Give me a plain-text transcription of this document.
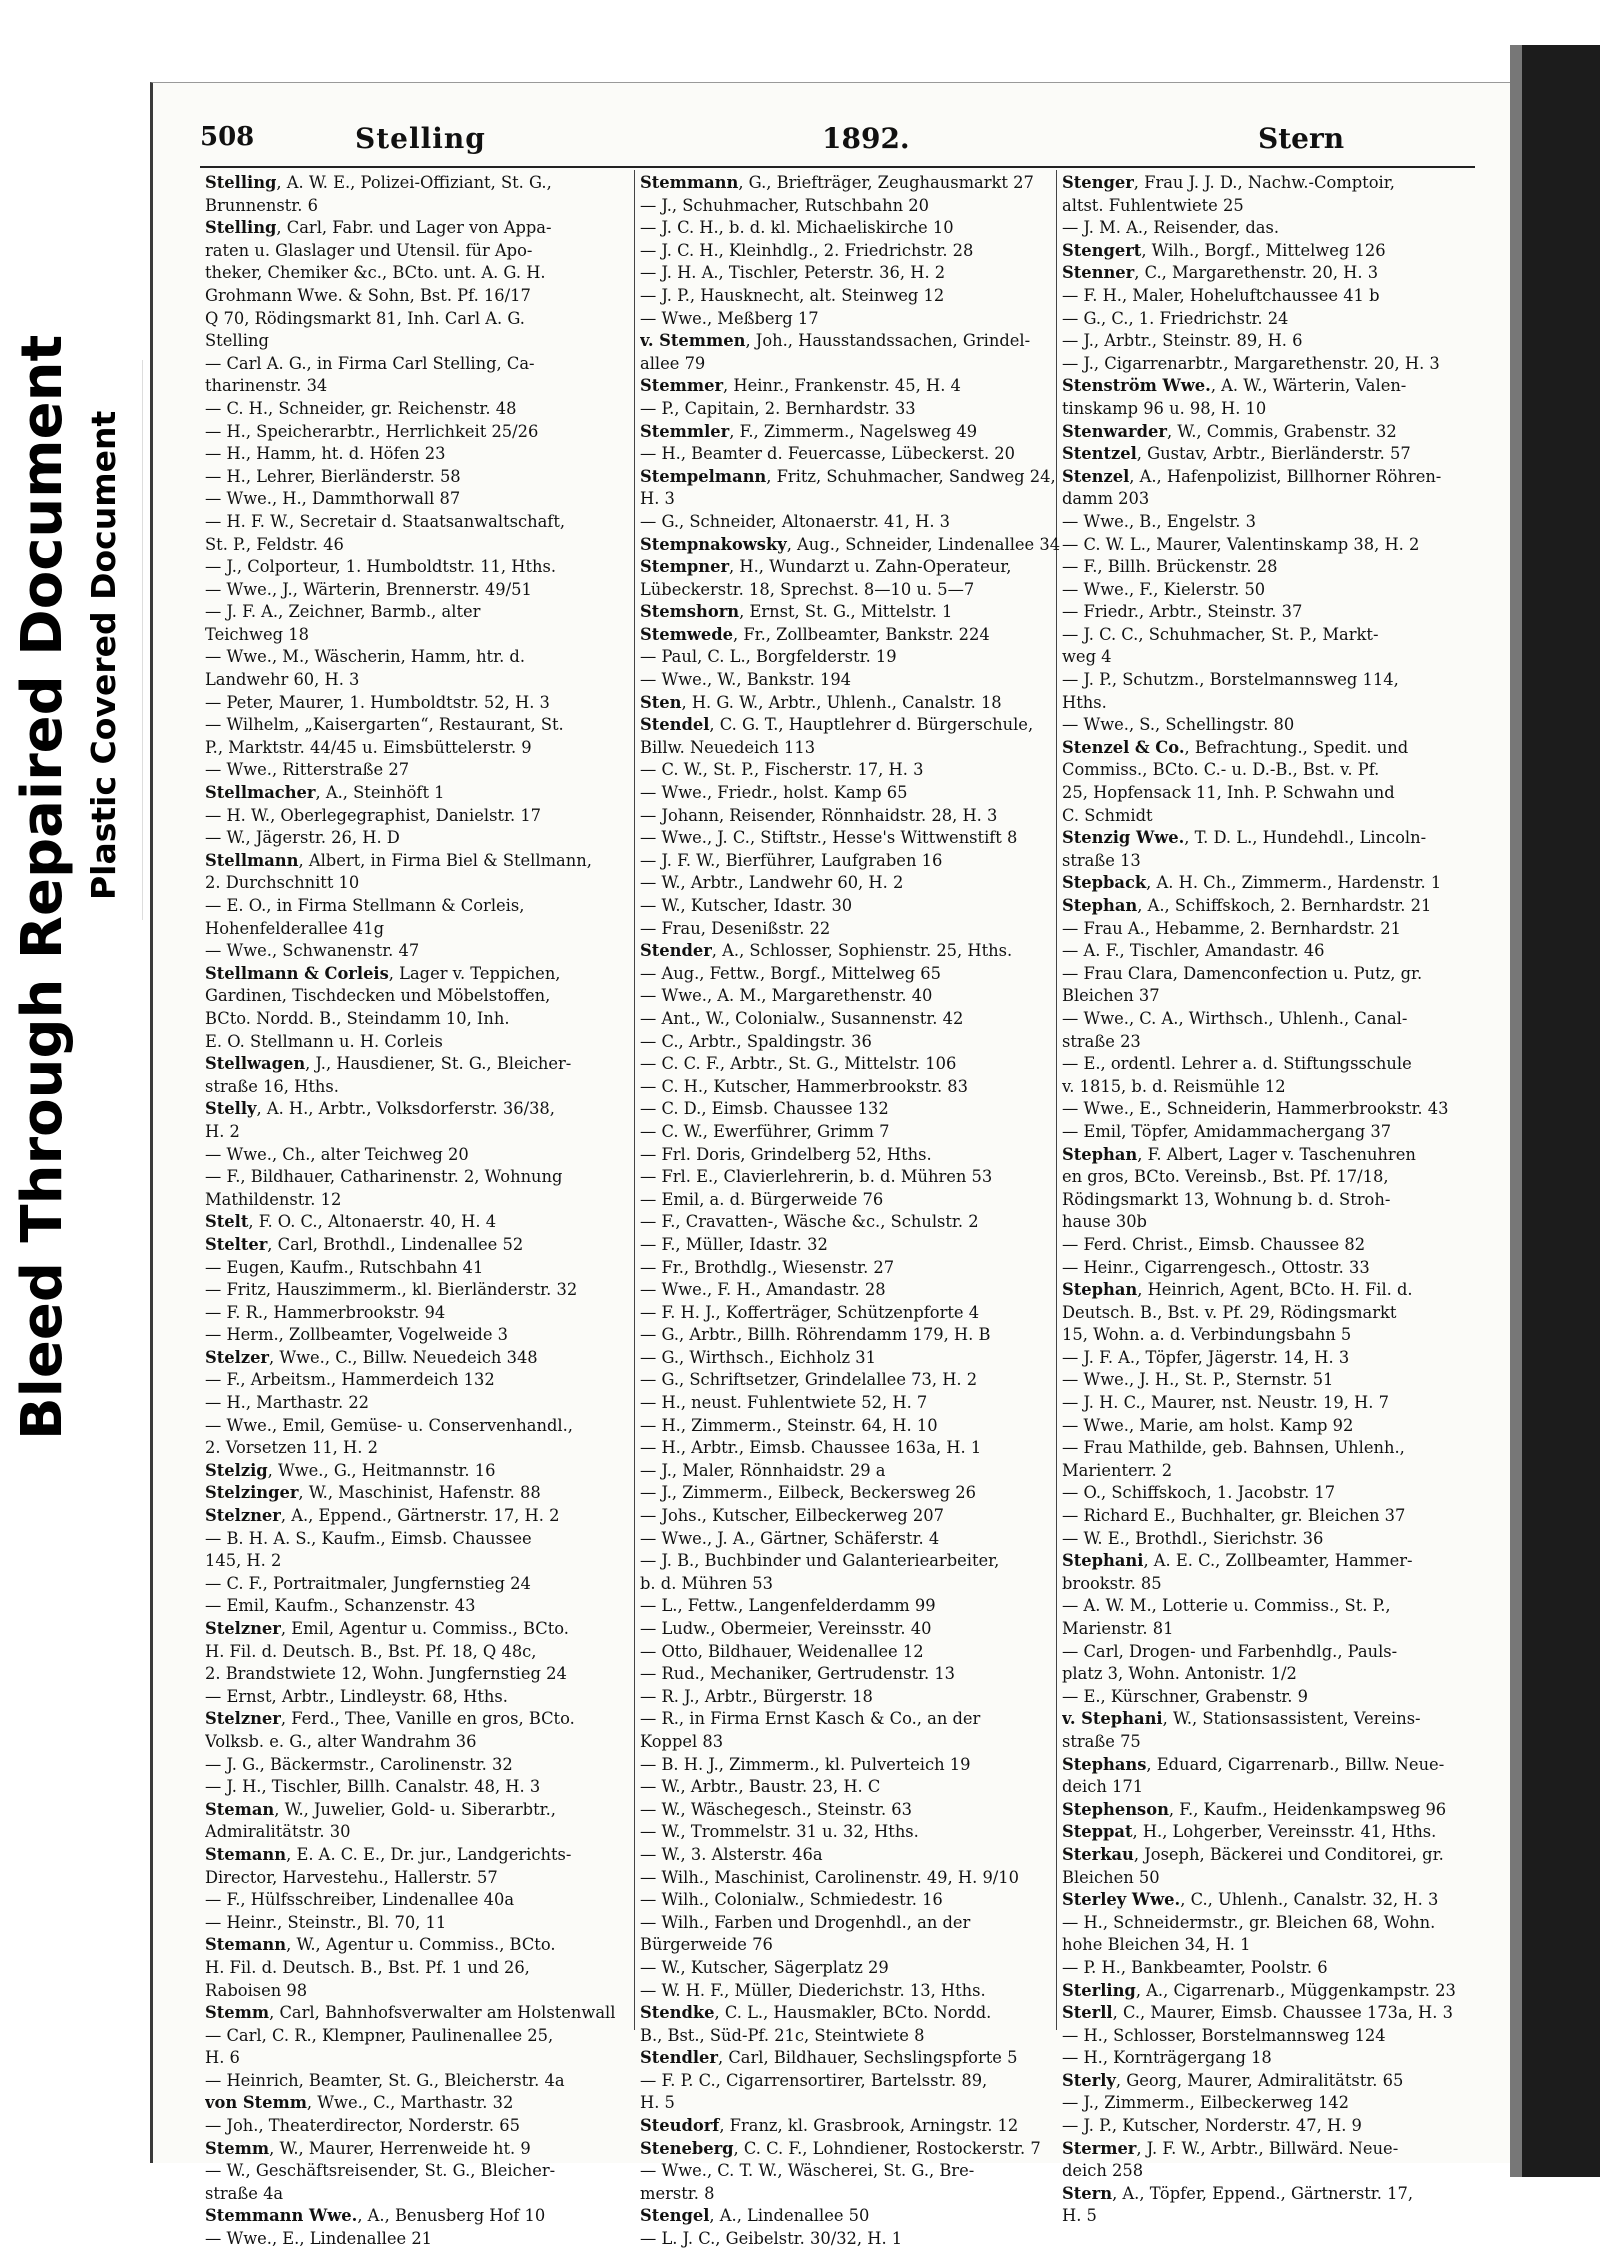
Bleed Through Repaired Document Plastic Covered Document
508	Stelling	1892.	Stern

Stelling, A. W. E., Polizei-Offiziant, St. G.,

Brunnenstr. 6

Stelling, Carl, Fabr. und Lager von Appa-

raten u. Glaslager und Utensil. für Apo-

theker, Chemiker &c., BCto. unt. A. G. H.

Grohmann Wwe. & Sohn, Bst. Pf. 16/17

Q 70, Rödingsmarkt 81, Inh. Carl A. G.

Stelling

— Carl A. G., in Firma Carl Stelling, Ca-

tharinenstr. 34

— C. H., Schneider, gr. Reichenstr. 48

— H., Speicherarbtr., Herrlichkeit 25/26

— H., Hamm, ht. d. Höfen 23

— H., Lehrer, Bierländerstr. 58

— Wwe., H., Dammthorwall 87

— H. F. W., Secretair d. Staatsanwaltschaft,

St. P., Feldstr. 46

— J., Colporteur, 1. Humboldtstr. 11, Hths.

— Wwe., J., Wärterin, Brennerstr. 49/51

— J. F. A., Zeichner, Barmb., alter

Teichweg 18

— Wwe., M., Wäscherin, Hamm, htr. d.

Landwehr 60, H. 3

— Peter, Maurer, 1. Humboldtstr. 52, H. 3

— Wilhelm, „Kaisergarten“, Restaurant, St.

P., Marktstr. 44/45 u. Eimsbüttelerstr. 9

— Wwe., Ritterstraße 27

Stellmacher, A., Steinhöft 1

— H. W., Oberlegegraphist, Danielstr. 17

— W., Jägerstr. 26, H. D

Stellmann, Albert, in Firma Biel & Stellmann,

2. Durchschnitt 10

— E. O., in Firma Stellmann & Corleis,

Hohenfelderallee 41g

— Wwe., Schwanenstr. 47

Stellmann & Corleis, Lager v. Teppichen,

Gardinen, Tischdecken und Möbelstoffen,

BCto. Nordd. B., Steindamm 10, Inh.

E. O. Stellmann u. H. Corleis

Stellwagen, J., Hausdiener, St. G., Bleicher-

straße 16, Hths.

Stelly, A. H., Arbtr., Volksdorferstr. 36/38,

H. 2

— Wwe., Ch., alter Teichweg 20

— F., Bildhauer, Catharinenstr. 2, Wohnung

Mathildenstr. 12

Stelt, F. O. C., Altonaerstr. 40, H. 4

Stelter, Carl, Brothdl., Lindenallee 52

— Eugen, Kaufm., Rutschbahn 41

— Fritz, Hauszimmerm., kl. Bierländerstr. 32

— F. R., Hammerbrookstr. 94

— Herm., Zollbeamter, Vogelweide 3

Stelzer, Wwe., C., Billw. Neuedeich 348

— F., Arbeitsm., Hammerdeich 132

— H., Marthastr. 22

— Wwe., Emil, Gemüse- u. Conservenhandl.,

2. Vorsetzen 11, H. 2

Stelzig, Wwe., G., Heitmannstr. 16

Stelzinger, W., Maschinist, Hafenstr. 88

Stelzner, A., Eppend., Gärtnerstr. 17, H. 2

— B. H. A. S., Kaufm., Eimsb. Chaussee

145, H. 2

— C. F., Portraitmaler, Jungfernstieg 24

— Emil, Kaufm., Schanzenstr. 43

Stelzner, Emil, Agentur u. Commiss., BCto.

H. Fil. d. Deutsch. B., Bst. Pf. 18, Q 48c,

2. Brandstwiete 12, Wohn. Jungfernstieg 24

— Ernst, Arbtr., Lindleystr. 68, Hths.

Stelzner, Ferd., Thee, Vanille en gros, BCto.

Volksb. e. G., alter Wandrahm 36

— J. G., Bäckermstr., Carolinenstr. 32

— J. H., Tischler, Billh. Canalstr. 48, H. 3

Steman, W., Juwelier, Gold- u. Siberarbtr.,

Admiralitätstr. 30

Stemann, E. A. C. E., Dr. jur., Landgerichts-

Director, Harvestehu., Hallerstr. 57

— F., Hülfsschreiber, Lindenallee 40a

— Heinr., Steinstr., Bl. 70, 11

Stemann, W., Agentur u. Commiss., BCto.

H. Fil. d. Deutsch. B., Bst. Pf. 1 und 26,

Raboisen 98

Stemm, Carl, Bahnhofsverwalter am Holstenwall

— Carl, C. R., Klempner, Paulinenallee 25,

H. 6

— Heinrich, Beamter, St. G., Bleicherstr. 4a

von Stemm, Wwe., C., Marthastr. 32

— Joh., Theaterdirector, Norderstr. 65

Stemm, W., Maurer, Herrenweide ht. 9

— W., Geschäftsreisender, St. G., Bleicher-

straße 4a

Stemmann Wwe., A., Benusberg Hof 10

— Wwe., E., Lindenallee 21

Stemmann, G., Briefträger, Zeughausmarkt 27

— J., Schuhmacher, Rutschbahn 20

— J. C. H., b. d. kl. Michaeliskirche 10

— J. C. H., Kleinhdlg., 2. Friedrichstr. 28

— J. H. A., Tischler, Peterstr. 36, H. 2

— J. P., Hausknecht, alt. Steinweg 12

— Wwe., Meßberg 17

v. Stemmen, Joh., Hausstandssachen, Grindel-

allee 79

Stemmer, Heinr., Frankenstr. 45, H. 4

— P., Capitain, 2. Bernhardstr. 33

Stemmler, F., Zimmerm., Nagelsweg 49

— H., Beamter d. Feuercasse, Lübeckerst. 20

Stempelmann, Fritz, Schuhmacher, Sandweg 24,

H. 3

— G., Schneider, Altonaerstr. 41, H. 3

Stempnakowsky, Aug., Schneider, Lindenallee 34

Stempner, H., Wundarzt u. Zahn-Operateur,

Lübeckerstr. 18, Sprechst. 8—10 u. 5—7

Stemshorn, Ernst, St. G., Mittelstr. 1

Stemwede, Fr., Zollbeamter, Bankstr. 224

— Paul, C. L., Borgfelderstr. 19

— Wwe., W., Bankstr. 194

Sten, H. G. W., Arbtr., Uhlenh., Canalstr. 18

Stendel, C. G. T., Hauptlehrer d. Bürgerschule,

Billw. Neuedeich 113

— C. W., St. P., Fischerstr. 17, H. 3

— Wwe., Friedr., holst. Kamp 65

— Johann, Reisender, Rönnhaidstr. 28, H. 3

— Wwe., J. C., Stiftstr., Hesse's Wittwenstift 8

— J. F. W., Bierführer, Laufgraben 16

— W., Arbtr., Landwehr 60, H. 2

— W., Kutscher, Idastr. 30

— Frau, Desenißstr. 22

Stender, A., Schlosser, Sophienstr. 25, Hths.

— Aug., Fettw., Borgf., Mittelweg 65

— Wwe., A. M., Margarethenstr. 40

— Ant., W., Colonialw., Susannenstr. 42

— C., Arbtr., Spaldingstr. 36

— C. C. F., Arbtr., St. G., Mittelstr. 106

— C. H., Kutscher, Hammerbrookstr. 83

— C. D., Eimsb. Chaussee 132

— C. W., Ewerführer, Grimm 7

— Frl. Doris, Grindelberg 52, Hths.

— Frl. E., Clavierlehrerin, b. d. Mühren 53

— Emil, a. d. Bürgerweide 76

— F., Cravatten-, Wäsche &c., Schulstr. 2

— F., Müller, Idastr. 32

— Fr., Brothdlg., Wiesenstr. 27

— Wwe., F. H., Amandastr. 28

— F. H. J., Kofferträger, Schützenpforte 4

— G., Arbtr., Billh. Röhrendamm 179, H. B

— G., Wirthsch., Eichholz 31

— G., Schriftsetzer, Grindelallee 73, H. 2

— H., neust. Fuhlentwiete 52, H. 7

— H., Zimmerm., Steinstr. 64, H. 10

— H., Arbtr., Eimsb. Chaussee 163a, H. 1

— J., Maler, Rönnhaidstr. 29 a

— J., Zimmerm., Eilbeck, Beckersweg 26

— Johs., Kutscher, Eilbeckerweg 207

— Wwe., J. A., Gärtner, Schäferstr. 4

— J. B., Buchbinder und Galanteriearbeiter,

b. d. Mühren 53

— L., Fettw., Langenfelderdamm 99

— Ludw., Obermeier, Vereinsstr. 40

— Otto, Bildhauer, Weidenallee 12

— Rud., Mechaniker, Gertrudenstr. 13

— R. J., Arbtr., Bürgerstr. 18

— R., in Firma Ernst Kasch & Co., an der

Koppel 83

— B. H. J., Zimmerm., kl. Pulverteich 19

— W., Arbtr., Baustr. 23, H. C

— W., Wäschegesch., Steinstr. 63

— W., Trommelstr. 31 u. 32, Hths.

— W., 3. Alsterstr. 46a

— Wilh., Maschinist, Carolinenstr. 49, H. 9/10

— Wilh., Colonialw., Schmiedestr. 16

— Wilh., Farben und Drogenhdl., an der

Bürgerweide 76

— W., Kutscher, Sägerplatz 29

— W. H. F., Müller, Diederichstr. 13, Hths.

Stendke, C. L., Hausmakler, BCto. Nordd.

B., Bst., Süd-Pf. 21c, Steintwiete 8

Stendler, Carl, Bildhauer, Sechslingspforte 5

— F. P. C., Cigarrensortirer, Bartelsstr. 89,

H. 5

Steudorf, Franz, kl. Grasbrook, Arningstr. 12

Steneberg, C. C. F., Lohndiener, Rostockerstr. 7

— Wwe., C. T. W., Wäscherei, St. G., Bre-

merstr. 8

Stengel, A., Lindenallee 50

— L. J. C., Geibelstr. 30/32, H. 1

Stenger, Frau J. J. D., Nachw.-Comptoir,

altst. Fuhlentwiete 25

— J. M. A., Reisender, das.

Stengert, Wilh., Borgf., Mittelweg 126

Stenner, C., Margarethenstr. 20, H. 3

— F. H., Maler, Hoheluftchaussee 41 b

— G., C., 1. Friedrichstr. 24

— J., Arbtr., Steinstr. 89, H. 6

— J., Cigarrenarbtr., Margarethenstr. 20, H. 3

Stenström Wwe., A. W., Wärterin, Valen-

tinskamp 96 u. 98, H. 10

Stenwarder, W., Commis, Grabenstr. 32

Stentzel, Gustav, Arbtr., Bierländerstr. 57

Stenzel, A., Hafenpolizist, Billhorner Röhren-

damm 203

— Wwe., B., Engelstr. 3

— C. W. L., Maurer, Valentinskamp 38, H. 2

— F., Billh. Brückenstr. 28

— Wwe., F., Kielerstr. 50

— Friedr., Arbtr., Steinstr. 37

— J. C. C., Schuhmacher, St. P., Markt-

weg 4

— J. P., Schutzm., Borstelmannsweg 114,

Hths.

— Wwe., S., Schellingstr. 80

Stenzel & Co., Befrachtung., Spedit. und

Commiss., BCto. C.- u. D.-B., Bst. v. Pf.

25, Hopfensack 11, Inh. P. Schwahn und

C. Schmidt

Stenzig Wwe., T. D. L., Hundehdl., Lincoln-

straße 13

Stepback, A. H. Ch., Zimmerm., Hardenstr. 1

Stephan, A., Schiffskoch, 2. Bernhardstr. 21

— Frau A., Hebamme, 2. Bernhardstr. 21

— A. F., Tischler, Amandastr. 46

— Frau Clara, Damenconfection u. Putz, gr.

Bleichen 37

— Wwe., C. A., Wirthsch., Uhlenh., Canal-

straße 23

— E., ordentl. Lehrer a. d. Stiftungsschule

v. 1815, b. d. Reismühle 12

— Wwe., E., Schneiderin, Hammerbrookstr. 43

— Emil, Töpfer, Amidammachergang 37

Stephan, F. Albert, Lager v. Taschenuhren

en gros, BCto. Vereinsb., Bst. Pf. 17/18,

Rödingsmarkt 13, Wohnung b. d. Stroh-

hause 30b

— Ferd. Christ., Eimsb. Chaussee 82

— Heinr., Cigarrengesch., Ottostr. 33

Stephan, Heinrich, Agent, BCto. H. Fil. d.

Deutsch. B., Bst. v. Pf. 29, Rödingsmarkt

15, Wohn. a. d. Verbindungsbahn 5

— J. F. A., Töpfer, Jägerstr. 14, H. 3

— Wwe., J. H., St. P., Sternstr. 51

— J. H. C., Maurer, nst. Neustr. 19, H. 7

— Wwe., Marie, am holst. Kamp 92

— Frau Mathilde, geb. Bahnsen, Uhlenh.,

Marienterr. 2

— O., Schiffskoch, 1. Jacobstr. 17

— Richard E., Buchhalter, gr. Bleichen 37

— W. E., Brothdl., Sierichstr. 36

Stephani, A. E. C., Zollbeamter, Hammer-

brookstr. 85

— A. W. M., Lotterie u. Commiss., St. P.,

Marienstr. 81

— Carl, Drogen- und Farbenhdlg., Pauls-

platz 3, Wohn. Antonistr. 1/2

— E., Kürschner, Grabenstr. 9

v. Stephani, W., Stationsassistent, Vereins-

straße 75

Stephans, Eduard, Cigarrenarb., Billw. Neue-

deich 171

Stephenson, F., Kaufm., Heidenkampsweg 96

Steppat, H., Lohgerber, Vereinsstr. 41, Hths.

Sterkau, Joseph, Bäckerei und Conditorei, gr.

Bleichen 50

Sterley Wwe., C., Uhlenh., Canalstr. 32, H. 3

— H., Schneidermstr., gr. Bleichen 68, Wohn.

hohe Bleichen 34, H. 1

— P. H., Bankbeamter, Poolstr. 6

Sterling, A., Cigarrenarb., Müggenkampstr. 23

Sterll, C., Maurer, Eimsb. Chaussee 173a, H. 3

— H., Schlosser, Borstelmannsweg 124

— H., Kornträgergang 18

Sterly, Georg, Maurer, Admiralitätstr. 65

— J., Zimmerm., Eilbeckerweg 142

— J. P., Kutscher, Norderstr. 47, H. 9

Stermer, J. F. W., Arbtr., Billwärd. Neue-

deich 258

Stern, A., Töpfer, Eppend., Gärtnerstr. 17,

H. 5
